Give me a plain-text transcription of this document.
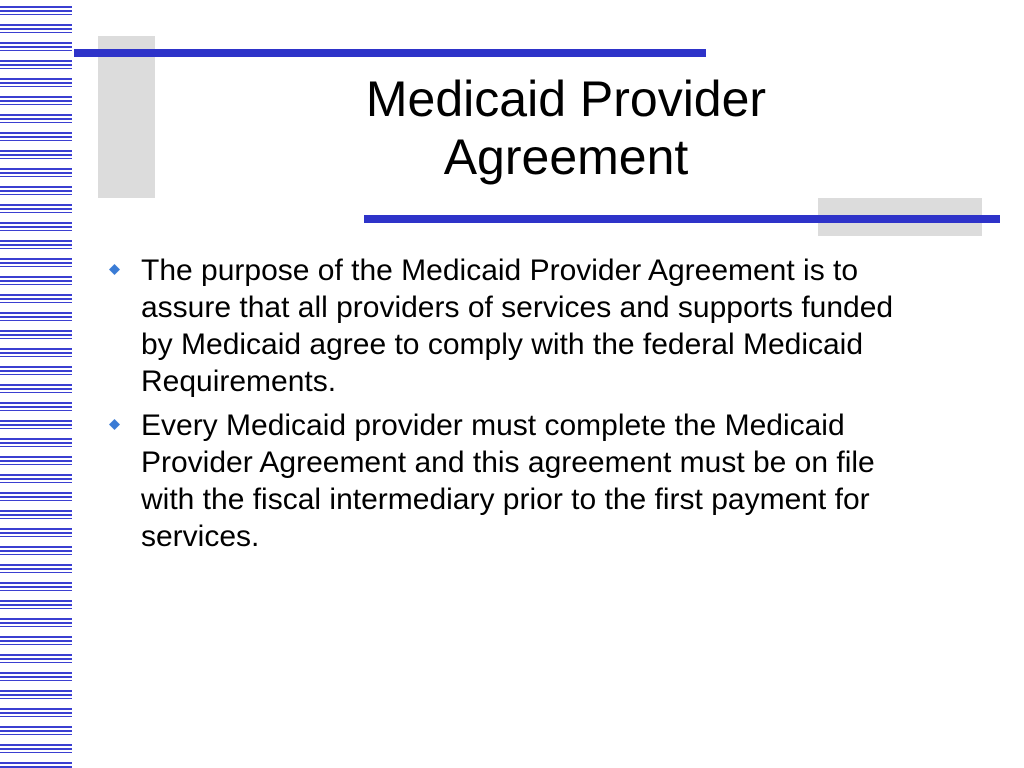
Medicaid Provider Agreement
The purpose of the Medicaid Provider Agreement is to assure that all providers of services and supports funded by Medicaid agree to comply with the federal Medicaid Requirements.
Every Medicaid provider must complete the Medicaid Provider Agreement and this agreement must be on file with the fiscal intermediary prior to the first payment for services.
